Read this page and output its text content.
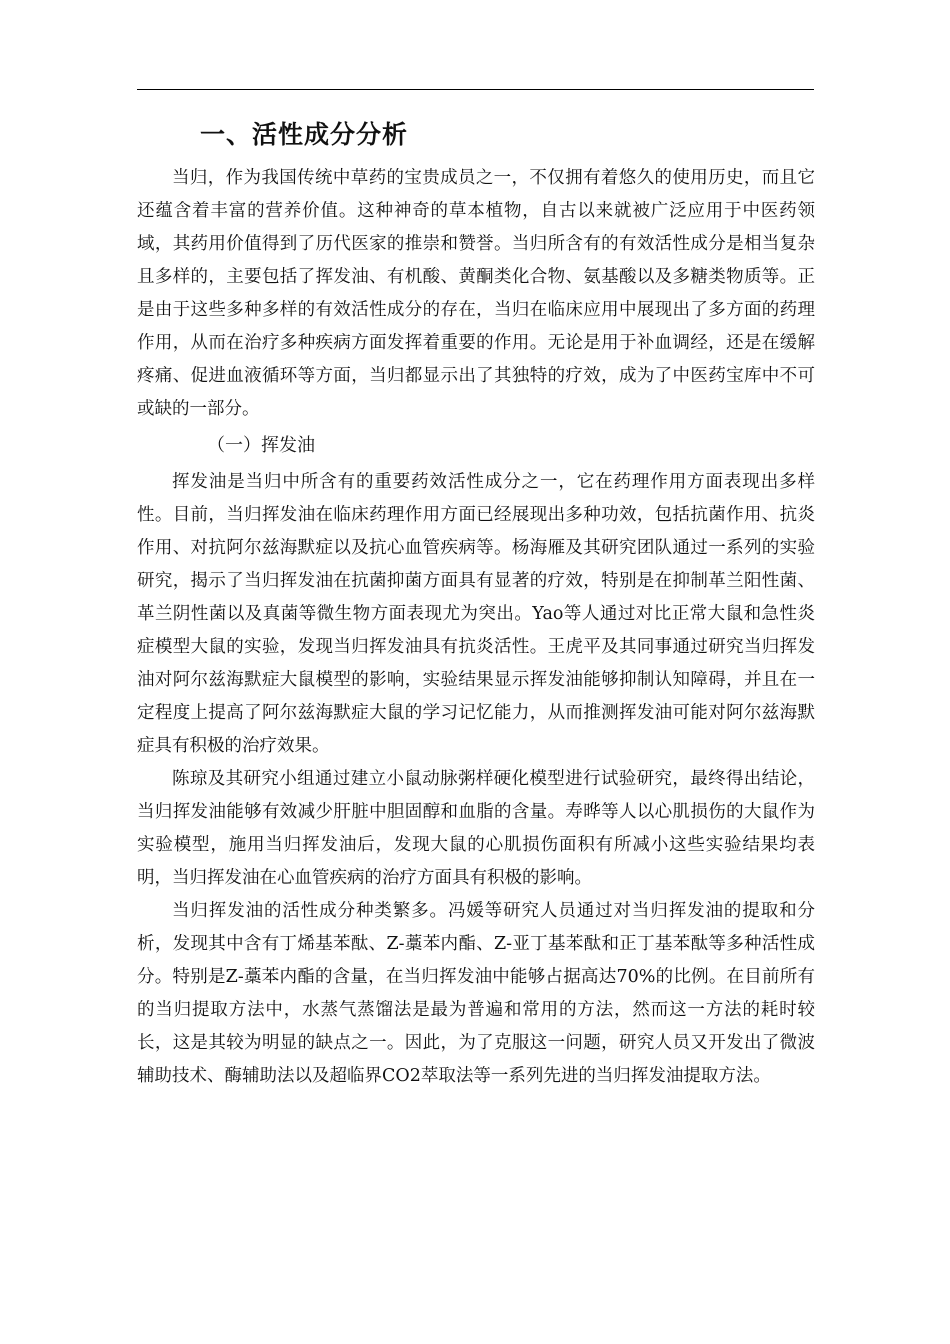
一、活性成分分析

当归，作为我国传统中草药的宝贵成员之一，不仅拥有着悠久的使用历史，而且它还蕴含着丰富的营养价值。这种神奇的草本植物，自古以来就被广泛应用于中医药领域，其药用价值得到了历代医家的推崇和赞誉。当归所含有的有效活性成分是相当复杂且多样的，主要包括了挥发油、有机酸、黄酮类化合物、氨基酸以及多糖类物质等。正是由于这些多种多样的有效活性成分的存在，当归在临床应用中展现出了多方面的药理作用，从而在治疗多种疾病方面发挥着重要的作用。无论是用于补血调经，还是在缓解疼痛、促进血液循环等方面，当归都显示出了其独特的疗效，成为了中医药宝库中不可或缺的一部分。

（一）挥发油

挥发油是当归中所含有的重要药效活性成分之一，它在药理作用方面表现出多样性。目前，当归挥发油在临床药理作用方面已经展现出多种功效，包括抗菌作用、抗炎作用、对抗阿尔兹海默症以及抗心血管疾病等。杨海雁及其研究团队通过一系列的实验研究，揭示了当归挥发油在抗菌抑菌方面具有显著的疗效，特别是在抑制革兰阳性菌、革兰阴性菌以及真菌等微生物方面表现尤为突出。Yao等人通过对比正常大鼠和急性炎症模型大鼠的实验，发现当归挥发油具有抗炎活性。王虎平及其同事通过研究当归挥发油对阿尔兹海默症大鼠模型的影响，实验结果显示挥发油能够抑制认知障碍，并且在一定程度上提高了阿尔兹海默症大鼠的学习记忆能力，从而推测挥发油可能对阿尔兹海默症具有积极的治疗效果。

陈琼及其研究小组通过建立小鼠动脉粥样硬化模型进行试验研究，最终得出结论，当归挥发油能够有效减少肝脏中胆固醇和血脂的含量。寿晔等人以心肌损伤的大鼠作为实验模型，施用当归挥发油后，发现大鼠的心肌损伤面积有所减小这些实验结果均表明，当归挥发油在心血管疾病的治疗方面具有积极的影响。

当归挥发油的活性成分种类繁多。冯媛等研究人员通过对当归挥发油的提取和分析，发现其中含有丁烯基苯酞、Z-藁苯内酯、Z-亚丁基苯酞和正丁基苯酞等多种活性成分。特别是Z-藁苯内酯的含量，在当归挥发油中能够占据高达70%的比例。在目前所有的当归提取方法中，水蒸气蒸馏法是最为普遍和常用的方法，然而这一方法的耗时较长，这是其较为明显的缺点之一。因此，为了克服这一问题，研究人员又开发出了微波辅助技术、酶辅助法以及超临界CO2萃取法等一系列先进的当归挥发油提取方法。
